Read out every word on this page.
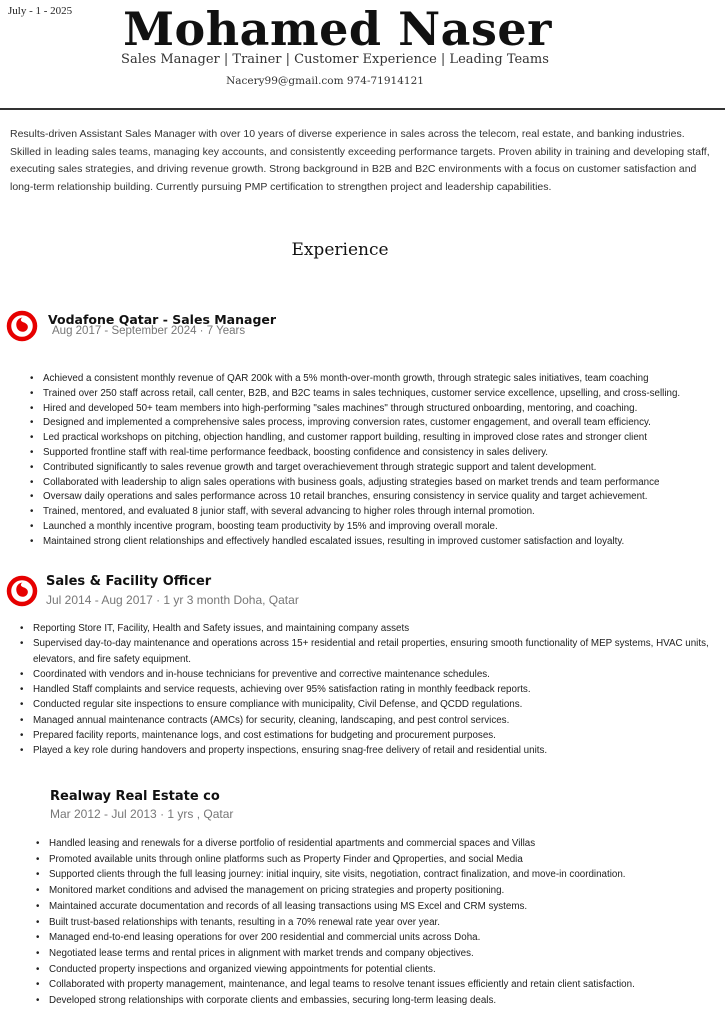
July - 1 - 2025	Mohamed Naser
Sales Manager | Trainer | Customer Experience | Leading Teams
Nacery99@gmail.com 974-71914121
Results-driven Assistant Sales Manager with over 10 years of diverse experience in sales across the telecom, real estate, and banking industries. Skilled in leading sales teams, managing key accounts, and consistently exceeding performance targets. Proven ability in training and developing staff, executing sales strategies, and driving revenue growth. Strong background in B2B and B2C environments with a focus on customer satisfaction and long-term relationship building. Currently pursuing PMP certification to strengthen project and leadership capabilities.
Experience
Vodafone Qatar - Sales Manager
Aug 2017 - September 2024 · 7 Years
• Achieved a consistent monthly revenue of QAR 200k with a 5% month-over-month growth, through strategic sales initiatives, team coaching
• Trained over 250 staff across retail, call center, B2B, and B2C teams in sales techniques, customer service excellence, upselling, and cross-selling.
• Hired and developed 50+ team members into high-performing "sales machines" through structured onboarding, mentoring, and coaching.
• Designed and implemented a comprehensive sales process, improving conversion rates, customer engagement, and overall team efficiency.
• Led practical workshops on pitching, objection handling, and customer rapport building, resulting in improved close rates and stronger client
• Supported frontline staff with real-time performance feedback, boosting confidence and consistency in sales delivery.
• Contributed significantly to sales revenue growth and target overachievement through strategic support and talent development.
• Collaborated with leadership to align sales operations with business goals, adjusting strategies based on market trends and team performance
• Oversaw daily operations and sales performance across 10 retail branches, ensuring consistency in service quality and target achievement.
• Trained, mentored, and evaluated 8 junior staff, with several advancing to higher roles through internal promotion.
• Launched a monthly incentive program, boosting team productivity by 15% and improving overall morale.
• Maintained strong client relationships and effectively handled escalated issues, resulting in improved customer satisfaction and loyalty.
Sales & Facility Officer
Jul 2014 - Aug 2017 · 1 yr 3 month Doha, Qatar
• Reporting Store IT, Facility, Health and Safety issues, and maintaining company assets
• Supervised day-to-day maintenance and operations across 15+ residential and retail properties, ensuring smooth functionality of MEP systems, HVAC units, elevators, and fire safety equipment.
• Coordinated with vendors and in-house technicians for preventive and corrective maintenance schedules.
• Handled Staff complaints and service requests, achieving over 95% satisfaction rating in monthly feedback reports.
• Conducted regular site inspections to ensure compliance with municipality, Civil Defense, and QCDD regulations.
• Managed annual maintenance contracts (AMCs) for security, cleaning, landscaping, and pest control services.
• Prepared facility reports, maintenance logs, and cost estimations for budgeting and procurement purposes.
• Played a key role during handovers and property inspections, ensuring snag-free delivery of retail and residential units.
Realway Real Estate co
Mar 2012 - Jul 2013 · 1 yrs , Qatar
• Handled leasing and renewals for a diverse portfolio of residential apartments and commercial spaces and Villas
• Promoted available units through online platforms such as Property Finder and Qproperties, and social Media
• Supported clients through the full leasing journey: initial inquiry, site visits, negotiation, contract finalization, and move-in coordination.
• Monitored market conditions and advised the management on pricing strategies and property positioning.
• Maintained accurate documentation and records of all leasing transactions using MS Excel and CRM systems.
• Built trust-based relationships with tenants, resulting in a 70% renewal rate year over year.
• Managed end-to-end leasing operations for over 200 residential and commercial units across Doha.
• Negotiated lease terms and rental prices in alignment with market trends and company objectives.
• Conducted property inspections and organized viewing appointments for potential clients.
• Collaborated with property management, maintenance, and legal teams to resolve tenant issues efficiently and retain client satisfaction.
• Developed strong relationships with corporate clients and embassies, securing long-term leasing deals.
